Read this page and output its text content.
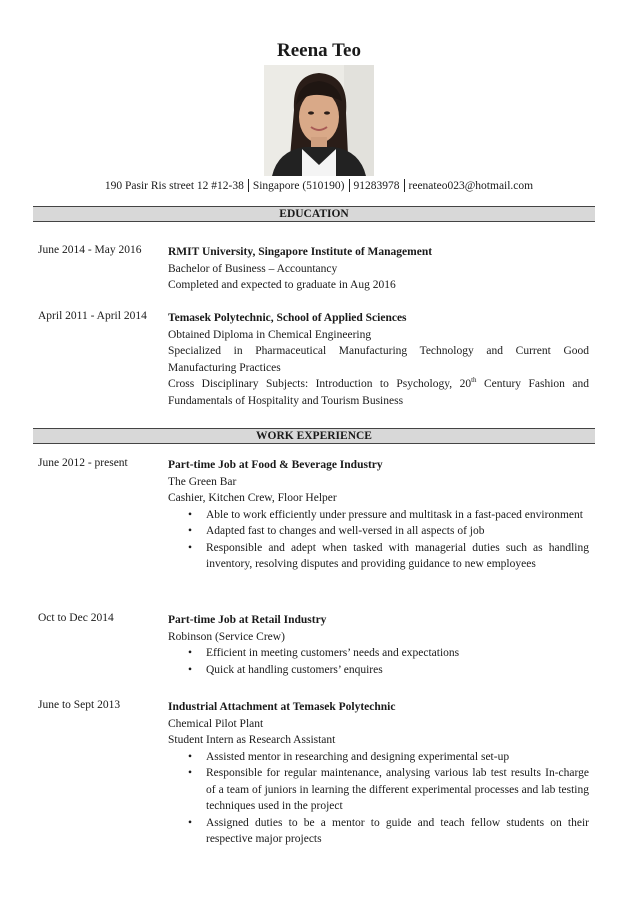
Reena Teo
190 Pasir Ris street 12 #12-38 Singapore (510190) 91283978 reenateo023@hotmail.com
EDUCATION
June 2014 - May 2016 RMIT University, Singapore Institute of Management
Bachelor of Business – Accountancy
Completed and expected to graduate in Aug 2016
April 2011 - April 2014 Temasek Polytechnic, School of Applied Sciences
Obtained Diploma in Chemical Engineering
Specialized in Pharmaceutical Manufacturing Technology and Current Good Manufacturing Practices
Cross Disciplinary Subjects: Introduction to Psychology, 20th Century Fashion and Fundamentals of Hospitality and Tourism Business
WORK EXPERIENCE
June 2012 - present	Part-time Job at Food & Beverage Industry
The Green Bar
Cashier, Kitchen Crew, Floor Helper
• Able to work efficiently under pressure and multitask in a fast-paced environment
• Adapted fast to changes and well-versed in all aspects of job
• Responsible and adept when tasked with managerial duties such as handling inventory, resolving disputes and providing guidance to new employees
Oct to Dec 2014	Part-time Job at Retail Industry
Robinson (Service Crew)
• Efficient in meeting customers’ needs and expectations
• Quick at handling customers’ enquires
June to Sept 2013	Industrial Attachment at Temasek Polytechnic
Chemical Pilot Plant
Student Intern as Research Assistant
• Assisted mentor in researching and designing experimental set-up
• Responsible for regular maintenance, analysing various lab test results In-charge of a team of juniors in learning the different experimental processes and lab testing techniques used in the project
• Assigned duties to be a mentor to guide and teach fellow students on their respective major projects
